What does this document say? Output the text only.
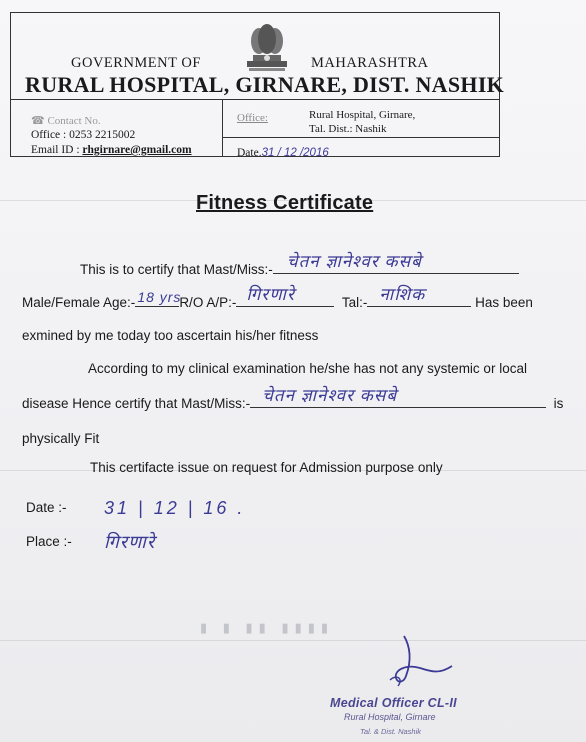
GOVERNMENT OF	MAHARASHTRA
RURAL HOSPITAL, GIRNARE, DIST. NASHIK
☎ Contact No.
Office : 0253 2215002
Email ID : rhgirnare@gmail.com
Office:	Rural Hospital, Girnare,
Tal. Dist.: Nashik
Date.31 / 12 /2016
Fitness Certificate
This is to certify that Mast/Miss:- चेतन ज्ञानेश्वर कसबे
Male/Female Age:- 18 yrs
R/O A/P:- गिरणारे	Tal:- नाशिक	Has been
exmined by me today too ascertain his/her fitness
According to my clinical examination he/she has not any systemic or local
disease Hence certify that Mast/Miss:- चेतन ज्ञानेश्वर कसबे	is
physically Fit
This certifacte issue on request for Admission purpose only
Date :- 31 | 12 | 16 .
Place :- गिरणारे
▮ ▮ ▮▮ ▮▮▮▮
Medical Officer CL-II
Rural Hospital, Girnare
Tal. & Dist. Nashik
